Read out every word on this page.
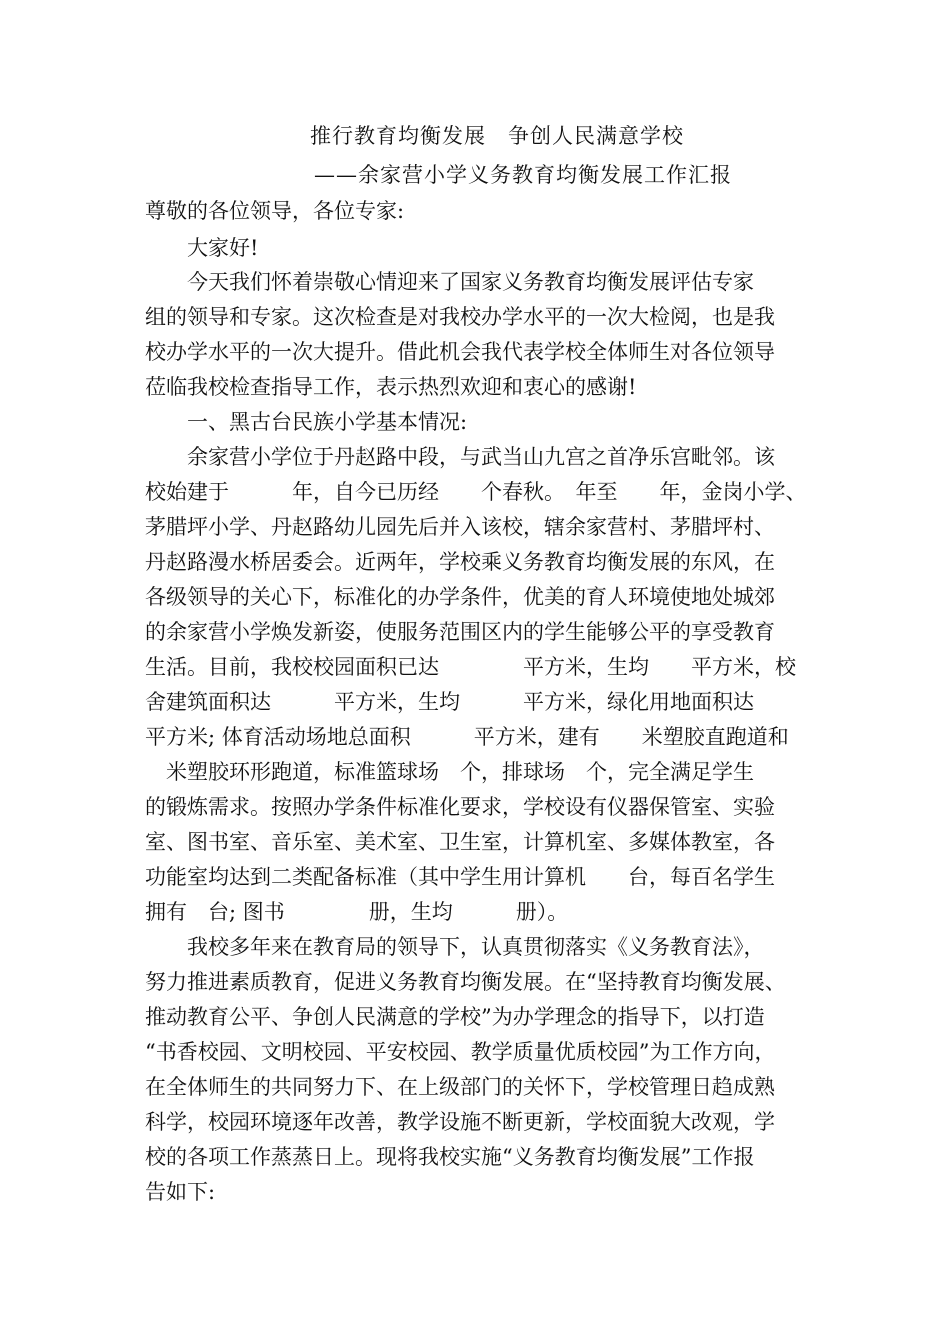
推行教育均衡发展　争创人民满意学校
——余家营小学义务教育均衡发展工作汇报
尊敬的各位领导，各位专家:
　　大家好!
　　今天我们怀着崇敬心情迎来了国家义务教育均衡发展评估专家
组的领导和专家。这次检查是对我校办学水平的一次大检阅，也是我
校办学水平的一次大提升。借此机会我代表学校全体师生对各位领导
莅临我校检查指导工作，表示热烈欢迎和衷心的感谢!
　　一、黑古台民族小学基本情况:
　　余家营小学位于丹赵路中段，与武当山九宫之首净乐宫毗邻。该
校始建于　　　年，自今已历经　　个春秋。　年至　　年，金岗小学、
茅腊坪小学、丹赵路幼儿园先后并入该校，辖余家营村、茅腊坪村、
丹赵路漫水桥居委会。近两年，学校乘义务教育均衡发展的东风，在
各级领导的关心下，标准化的办学条件，优美的育人环境使地处城郊
的余家营小学焕发新姿，使服务范围区内的学生能够公平的享受教育
生活。目前，我校校园面积已达　　　　平方米，生均　　平方米，校
舍建筑面积达　　　平方米，生均　　　平方米，绿化用地面积达
平方米; 体育活动场地总面积　　　平方米，建有　　米塑胶直跑道和
　米塑胶环形跑道，标准篮球场　个，排球场　个，完全满足学生
的锻炼需求。按照办学条件标准化要求，学校设有仪器保管室、实验
室、图书室、音乐室、美术室、卫生室，计算机室、多媒体教室，各
功能室均达到二类配备标准（其中学生用计算机　　台，每百名学生
拥有　台; 图书　　　　册，生均　　　册）。
　　我校多年来在教育局的领导下，认真贯彻落实《义务教育法》，
努力推进素质教育，促进义务教育均衡发展。在“坚持教育均衡发展、
推动教育公平、争创人民满意的学校”为办学理念的指导下，以打造
“书香校园、文明校园、平安校园、教学质量优质校园”为工作方向，
在全体师生的共同努力下、在上级部门的关怀下，学校管理日趋成熟
科学，校园环境逐年改善，教学设施不断更新，学校面貌大改观，学
校的各项工作蒸蒸日上。现将我校实施“义务教育均衡发展”工作报
告如下:
